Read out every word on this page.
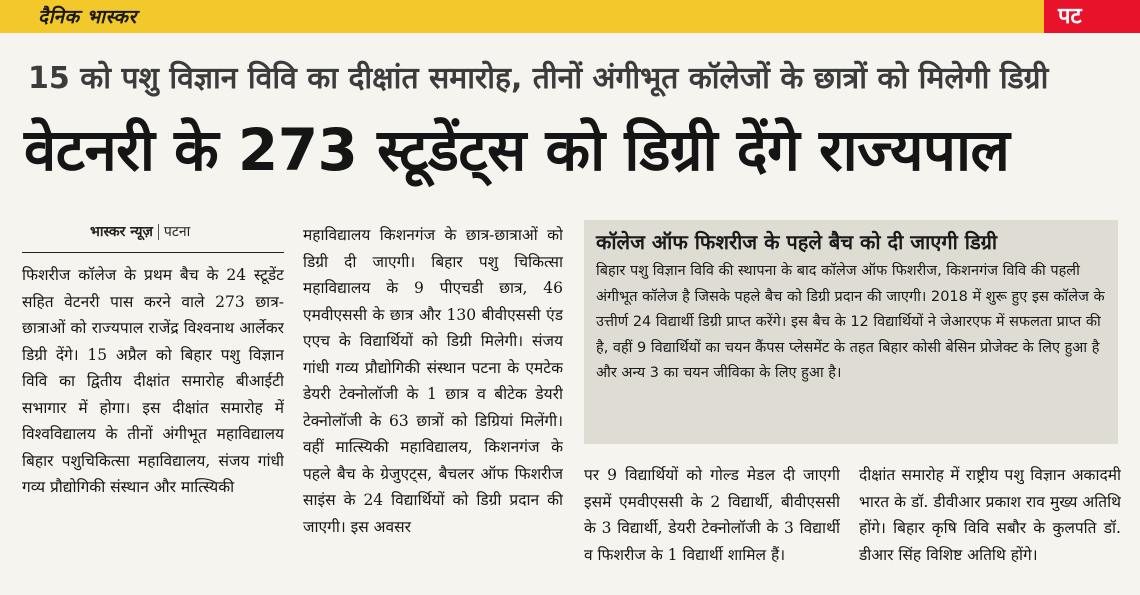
दैनिक भास्कर	पट
15 को पशु विज्ञान विवि का दीक्षांत समारोह, तीनों अंगीभूत कॉलेजों के छात्रों को मिलेगी डिग्री
वेटनरी के 273 स्टूडेंट्स को डिग्री देंगे राज्यपाल
भास्कर न्यूज़ पटना
फिशरीज कॉलेज के प्रथम बैच के 24 स्टूडेंट सहित वेटनरी पास करने वाले 273 छात्र-छात्राओं को राज्यपाल राजेंद्र विश्वनाथ आर्लेकर डिग्री देंगे। 15 अप्रैल को बिहार पशु विज्ञान विवि का द्वितीय दीक्षांत समारोह बीआईटी सभागार में होगा। इस दीक्षांत समारोह में विश्वविद्यालय के तीनों अंगीभूत महाविद्यालय बिहार पशुचिकित्सा महाविद्यालय, संजय गांधी गव्य प्रौद्योगिकी संस्थान और मात्स्यिकी
महाविद्यालय किशनगंज के छात्र-छात्राओं को डिग्री दी जाएगी। बिहार पशु चिकित्सा महाविद्यालय के 9 पीएचडी छात्र, 46 एमवीएससी के छात्र और 130 बीवीएससी एंड एएच के विद्यार्थियों को डिग्री मिलेगी। संजय गांधी गव्य प्रौद्योगिकी संस्थान पटना के एमटेक डेयरी टेक्नोलॉजी के 1 छात्र व बीटेक डेयरी टेक्नोलॉजी के 63 छात्रों को डिग्रियां मिलेंगी। वहीं मात्स्यिकी महाविद्यालय, किशनगंज के पहले बैच के ग्रेजुएट्स, बैचलर ऑफ फिशरीज साइंस के 24 विद्यार्थियों को डिग्री प्रदान की जाएगी। इस अवसर
कॉलेज ऑफ फिशरीज के पहले बैच को दी जाएगी डिग्री
बिहार पशु विज्ञान विवि की स्थापना के बाद कॉलेज ऑफ फिशरीज, किशनगंज विवि की पहली अंगीभूत कॉलेज है जिसके पहले बैच को डिग्री प्रदान की जाएगी। 2018 में शुरू हुए इस कॉलेज के उत्तीर्ण 24 विद्यार्थी डिग्री प्राप्त करेंगे। इस बैच के 12 विद्यार्थियों ने जेआरएफ में सफलता प्राप्त की है, वहीं 9 विद्यार्थियों का चयन कैंपस प्लेसमेंट के तहत बिहार कोसी बेसिन प्रोजेक्ट के लिए हुआ है और अन्य 3 का चयन जीविका के लिए हुआ है।
पर 9 विद्यार्थियों को गोल्ड मेडल दी जाएगी इसमें एमवीएससी के 2 विद्यार्थी, बीवीएससी के 3 विद्यार्थी, डेयरी टेक्नोलॉजी के 3 विद्यार्थी व फिशरीज के 1 विद्यार्थी शामिल हैं।
दीक्षांत समारोह में राष्ट्रीय पशु विज्ञान अकादमी भारत के डॉ. डीवीआर प्रकाश राव मुख्य अतिथि होंगे। बिहार कृषि विवि सबौर के कुलपति डॉ. डीआर सिंह विशिष्ट अतिथि होंगे।
